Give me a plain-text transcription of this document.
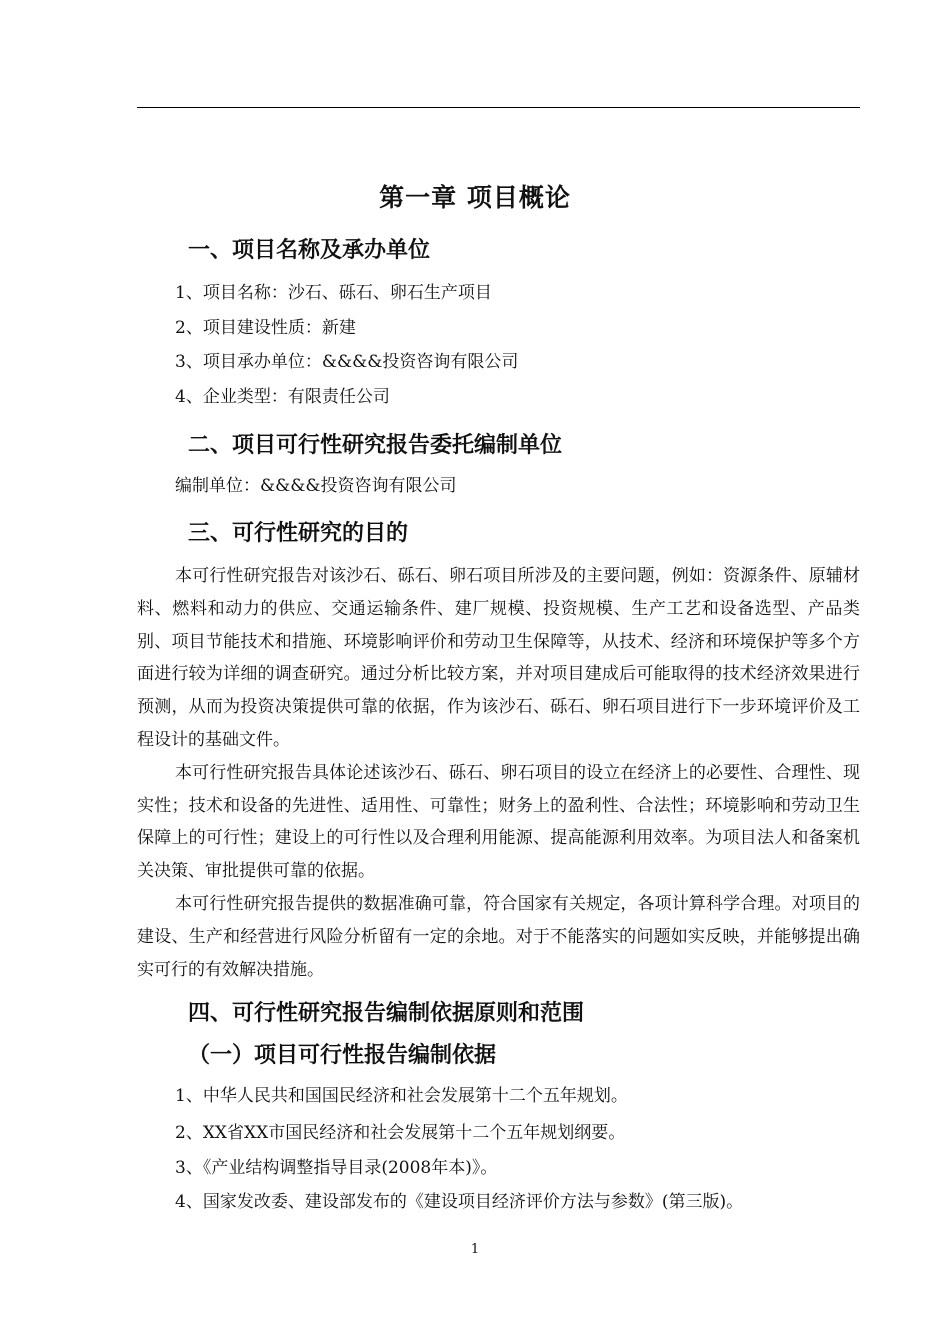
第一章 项目概论
一、项目名称及承办单位
1、项目名称：沙石、砾石、卵石生产项目
2、项目建设性质：新建
3、项目承办单位：&&&&投资咨询有限公司
4、企业类型：有限责任公司
二、项目可行性研究报告委托编制单位
编制单位：&&&&投资咨询有限公司
三、可行性研究的目的
本可行性研究报告对该沙石、砾石、卵石项目所涉及的主要问题，例如：资源条件、原辅材料、燃料和动力的供应、交通运输条件、建厂规模、投资规模、生产工艺和设备选型、产品类别、项目节能技术和措施、环境影响评价和劳动卫生保障等，从技术、经济和环境保护等多个方面进行较为详细的调查研究。通过分析比较方案，并对项目建成后可能取得的技术经济效果进行预测，从而为投资决策提供可靠的依据，作为该沙石、砾石、卵石项目进行下一步环境评价及工程设计的基础文件。
本可行性研究报告具体论述该沙石、砾石、卵石项目的设立在经济上的必要性、合理性、现实性；技术和设备的先进性、适用性、可靠性；财务上的盈利性、合法性；环境影响和劳动卫生保障上的可行性；建设上的可行性以及合理利用能源、提高能源利用效率。为项目法人和备案机关决策、审批提供可靠的依据。
本可行性研究报告提供的数据准确可靠，符合国家有关规定，各项计算科学合理。对项目的建设、生产和经营进行风险分析留有一定的余地。对于不能落实的问题如实反映，并能够提出确实可行的有效解决措施。
四、可行性研究报告编制依据原则和范围
（一）项目可行性报告编制依据
1、中华人民共和国国民经济和社会发展第十二个五年规划。
2、XX省XX市国民经济和社会发展第十二个五年规划纲要。
3、《产业结构调整指导目录(2008年本)》。
4、国家发改委、建设部发布的《建设项目经济评价方法与参数》(第三版)。
1
